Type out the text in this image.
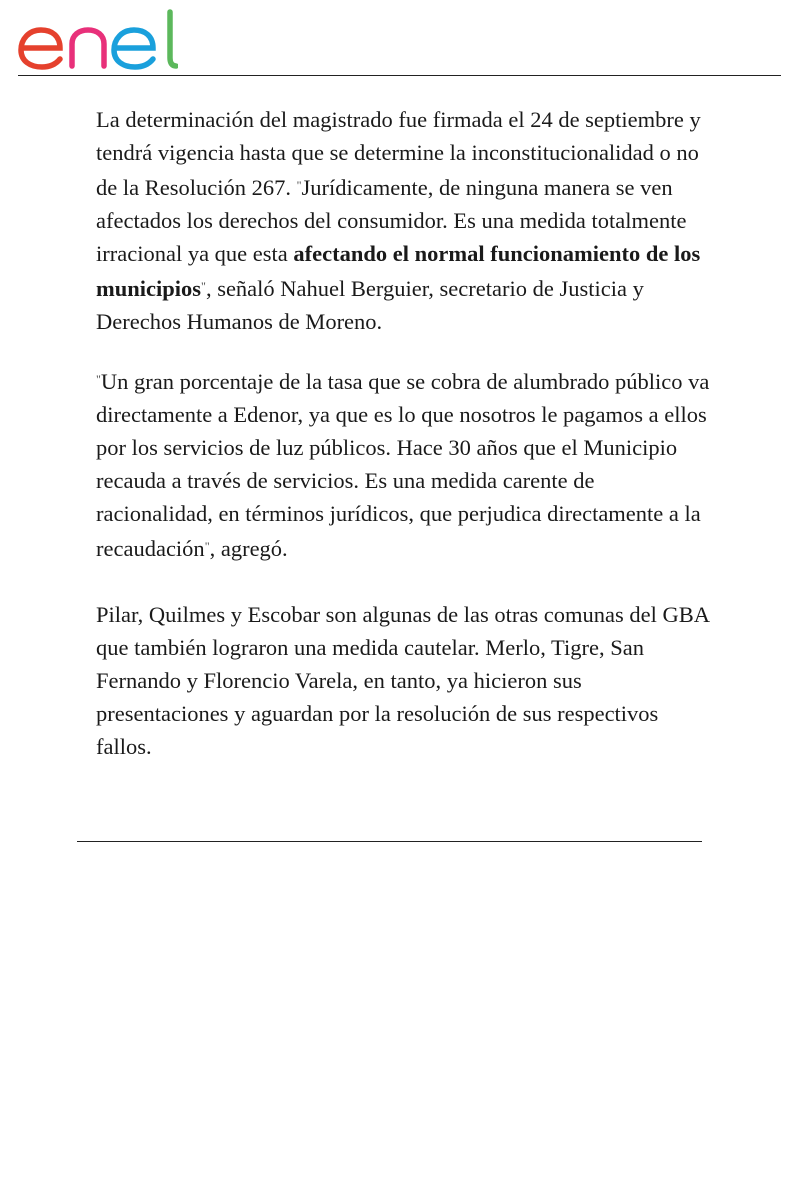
La determinación del magistrado fue firmada el 24 de septiembre y tendrá vigencia hasta que se determine la inconstitucionalidad o no de la Resolución 267. "Jurídicamente, de ninguna manera se ven afectados los derechos del consumidor. Es una medida totalmente irracional ya que esta afectando el normal funcionamiento de los municipios", señaló Nahuel Berguier, secretario de Justicia y Derechos Humanos de Moreno.

"Un gran porcentaje de la tasa que se cobra de alumbrado público va directamente a Edenor, ya que es lo que nosotros le pagamos a ellos por los servicios de luz públicos. Hace 30 años que el Municipio recauda a través de servicios. Es una medida carente de racionalidad, en términos jurídicos, que perjudica directamente a la recaudación", agregó.

Pilar, Quilmes y Escobar son algunas de las otras comunas del GBA que también lograron una medida cautelar. Merlo, Tigre, San Fernando y Florencio Varela, en tanto, ya hicieron sus presentaciones y aguardan por la resolución de sus respectivos fallos.
